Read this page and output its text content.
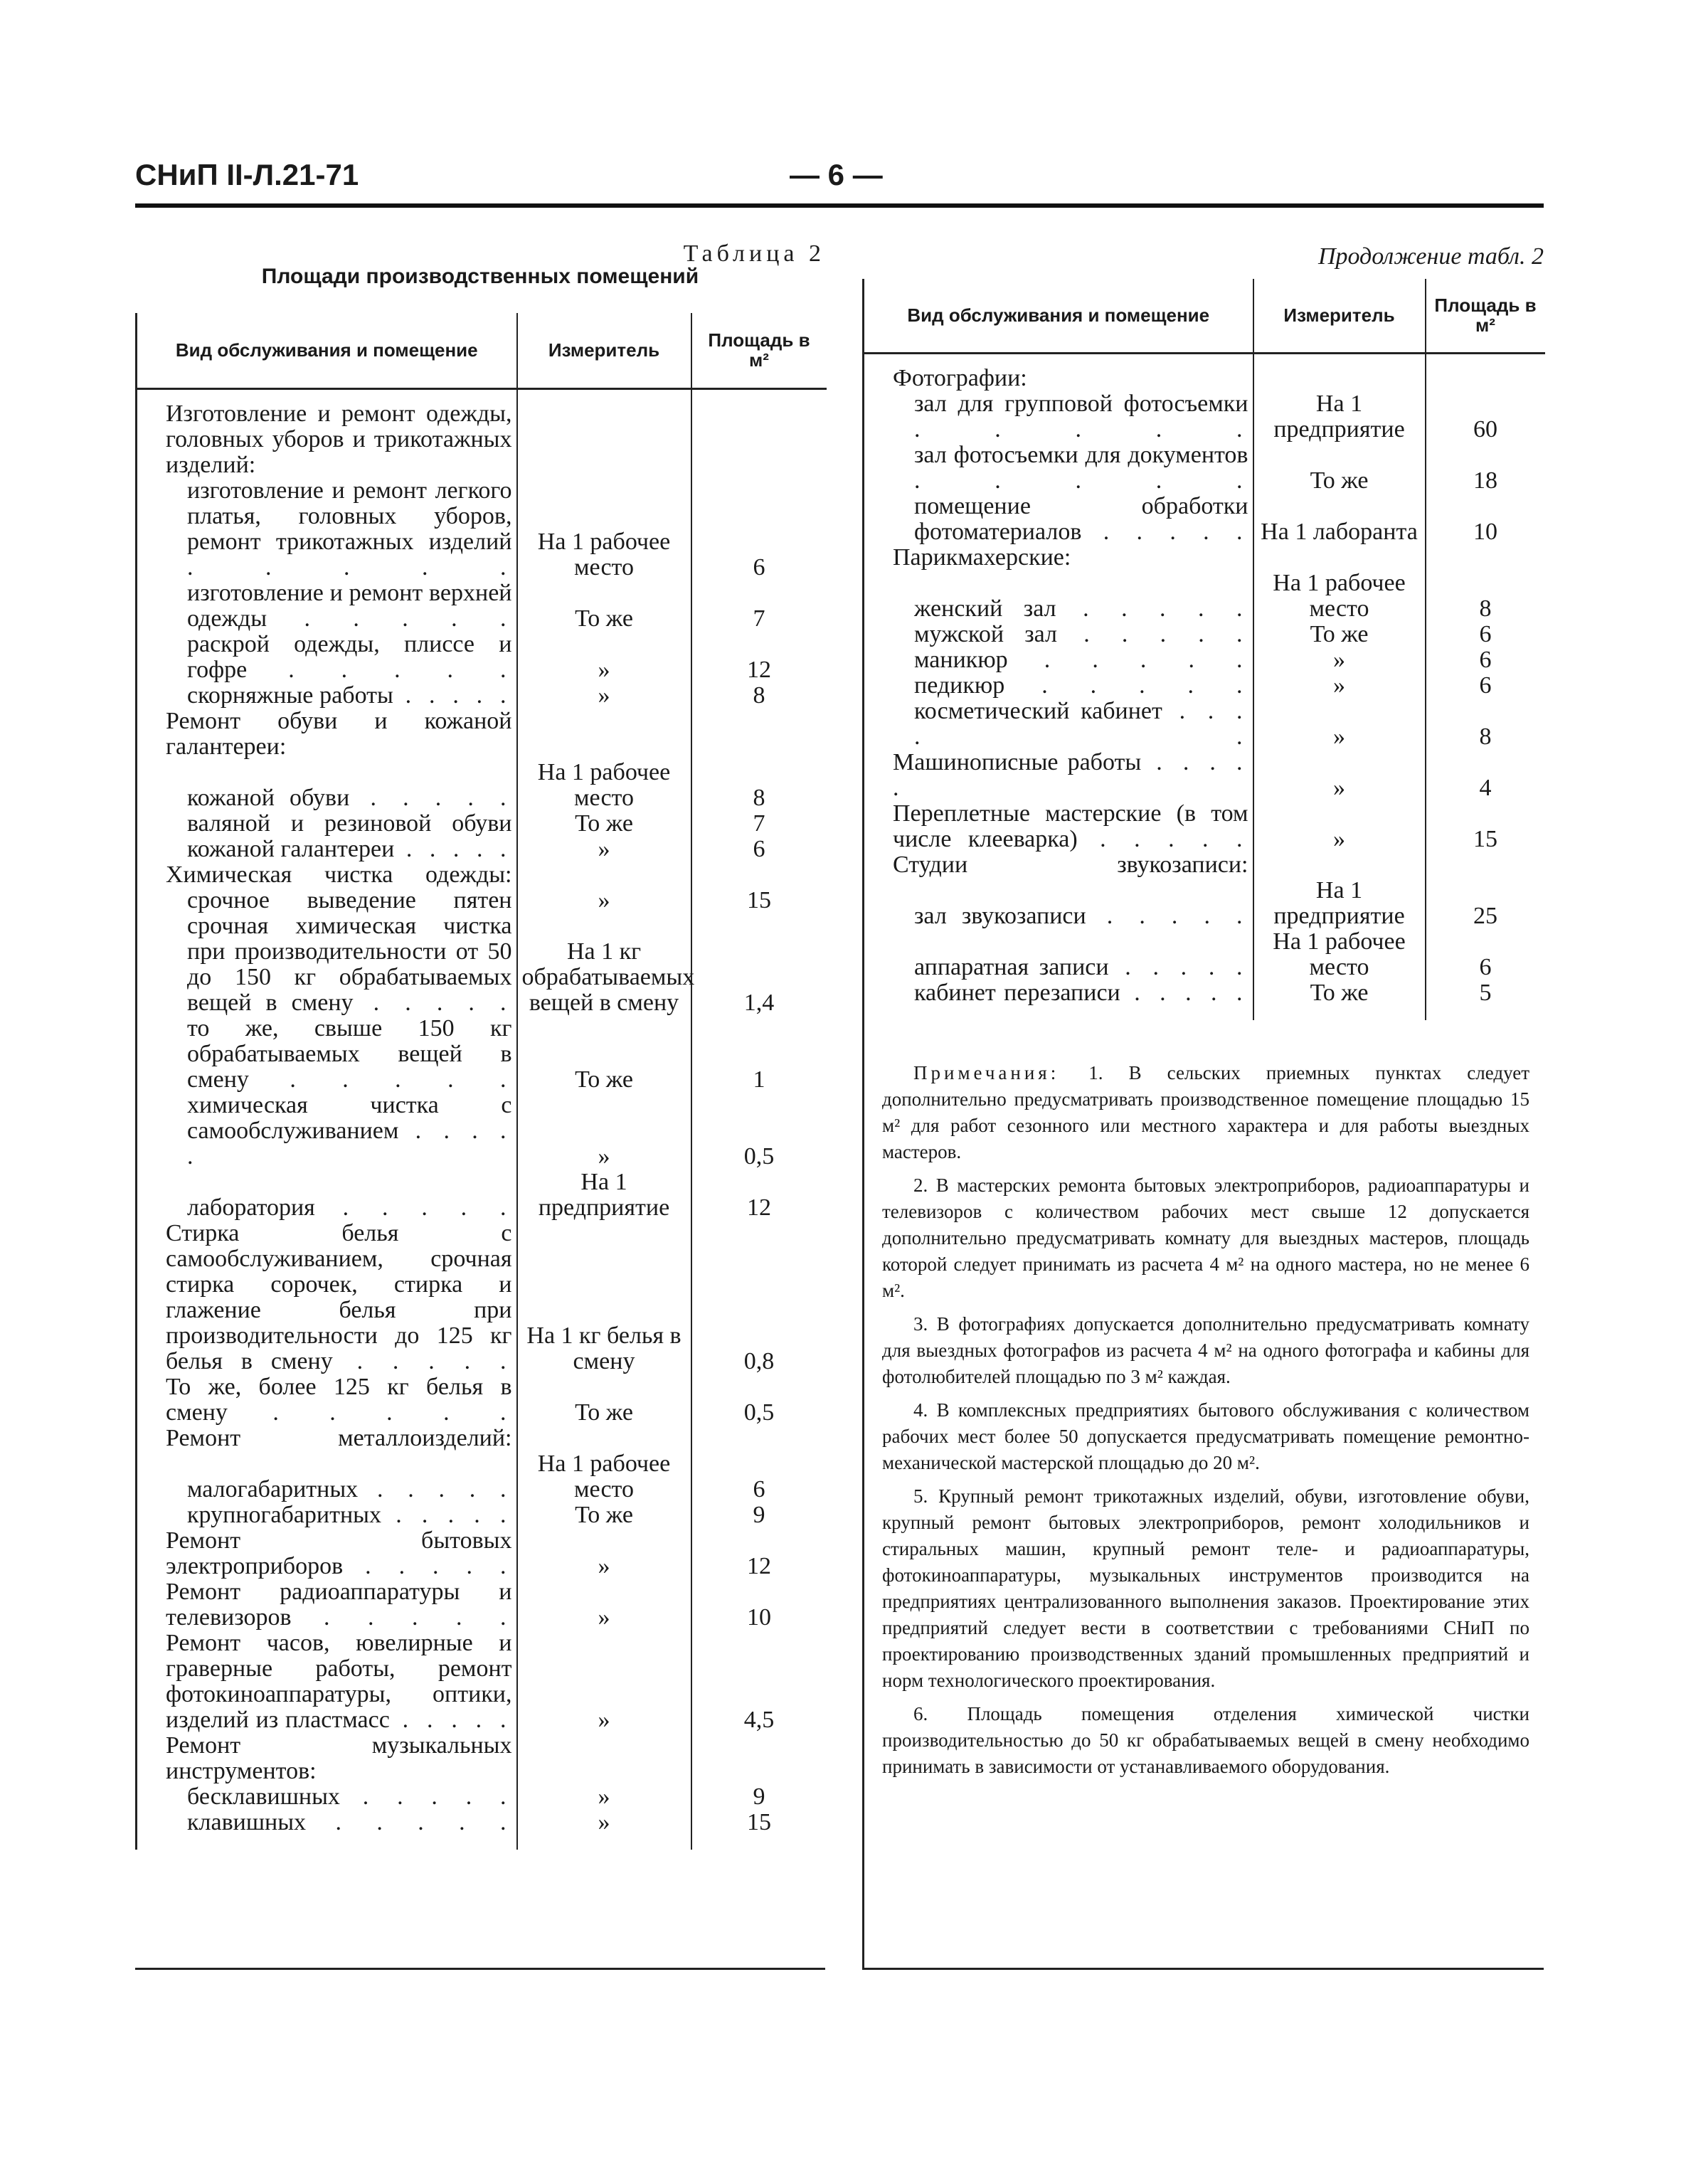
СНиП II-Л.21-71	— 6 —
Таблица 2
Площади производственных помещений
Продолжение табл. 2
Вид обслуживания и помещение	Измеритель	Площадь в м²

Изготовление и ремонт одежды, головных уборов и трикотажных изделий:		
изготовление и ремонт легкого платья, головных уборов, ремонт трикотажных изделий . . . . .	На 1 рабочее место	6
изготовление и ремонт верхней одежды . . . . .	То же	7
раскрой одежды, плиссе и гофре . . . . .	»	12
скорняжные работы . . . . .	»	8
Ремонт обуви и кожаной галантереи:		
кожаной обуви . . . . .	На 1 рабочее место	8
валяной и резиновой обуви	То же	7
кожаной галантереи . . . . .	»	6
Химическая чистка одежды:		
срочное выведение пятен	»	15
срочная химическая чистка при производительности от 50 до 150 кг обрабатываемых вещей в смену . . . . .	На 1 кг обрабатываемых вещей в смену	1,4
то же, свыше 150 кг обрабатываемых вещей в смену . . . . .	То же	1
химическая чистка с самообслуживанием . . . . .	»	0,5
лаборатория . . . . .	На 1 предприятие	12
Стирка белья с самообслуживанием, срочная стирка сорочек, стирка и глажение белья при производительности до 125 кг белья в смену . . . . .	На 1 кг белья в смену	0,8
То же, более 125 кг белья в смену . . . . .	То же	0,5
Ремонт металлоизделий:		
малогабаритных . . . . .	На 1 рабочее место	6
крупногабаритных . . . . .	То же	9
Ремонт бытовых электроприборов . . . . .	»	12
Ремонт радиоаппаратуры и телевизоров . . . . .	»	10
Ремонт часов, ювелирные и граверные работы, ремонт фотокиноаппаратуры, оптики, изделий из пластмасс . . . . .	»	4,5
Ремонт музыкальных инструментов:		
бесклавишных . . . . .	»	9
клавишных . . . . .	»	15

Вид обслуживания и помещение	Измеритель	Площадь в м²

Фотографии:		
зал для групповой фотосъемки . . . . .	На 1 предприятие	60
зал фотосъемки для документов . . . . .	То же	18
помещение обработки фотоматериалов . . . . .	На 1 лаборанта	10
Парикмахерские:		
женский зал . . . . .	На 1 рабочее место	8
мужской зал . . . . .	То же	6
маникюр . . . . .	»	6
педикюр . . . . .	»	6
косметический кабинет . . . . .	»	8
Машинописные работы . . . . .	»	4
Переплетные мастерские (в том числе клееварка) . . . . .	»	15
Студии звукозаписи:		
зал звукозаписи . . . . .	На 1 предприятие	25
аппаратная записи . . . . .	На 1 рабочее место	6
кабинет перезаписи . . . . .	То же	5

Примечания: 1. В сельских приемных пунктах следует дополнительно предусматривать производственное помещение площадью 15 м² для работ сезонного или местного характера и для работы выездных мастеров.

2. В мастерских ремонта бытовых электроприборов, радиоаппаратуры и телевизоров с количеством рабочих мест свыше 12 допускается дополнительно предусматривать комнату для выездных мастеров, площадь которой следует принимать из расчета 4 м² на одного мастера, но не менее 6 м².

3. В фотографиях допускается дополнительно предусматривать комнату для выездных фотографов из расчета 4 м² на одного фотографа и кабины для фотолюбителей площадью по 3 м² каждая.

4. В комплексных предприятиях бытового обслуживания с количеством рабочих мест более 50 допускается предусматривать помещение ремонтно-механической мастерской площадью до 20 м².

5. Крупный ремонт трикотажных изделий, обуви, изготовление обуви, крупный ремонт бытовых электроприборов, ремонт холодильников и стиральных машин, крупный ремонт теле- и радиоаппаратуры, фотокиноаппаратуры, музыкальных инструментов производится на предприятиях централизованного выполнения заказов. Проектирование этих предприятий следует вести в соответствии с требованиями СНиП по проектированию производственных зданий промышленных предприятий и норм технологического проектирования.

6. Площадь помещения отделения химической чистки производительностью до 50 кг обрабатываемых вещей в смену необходимо принимать в зависимости от устанавливаемого оборудования.
